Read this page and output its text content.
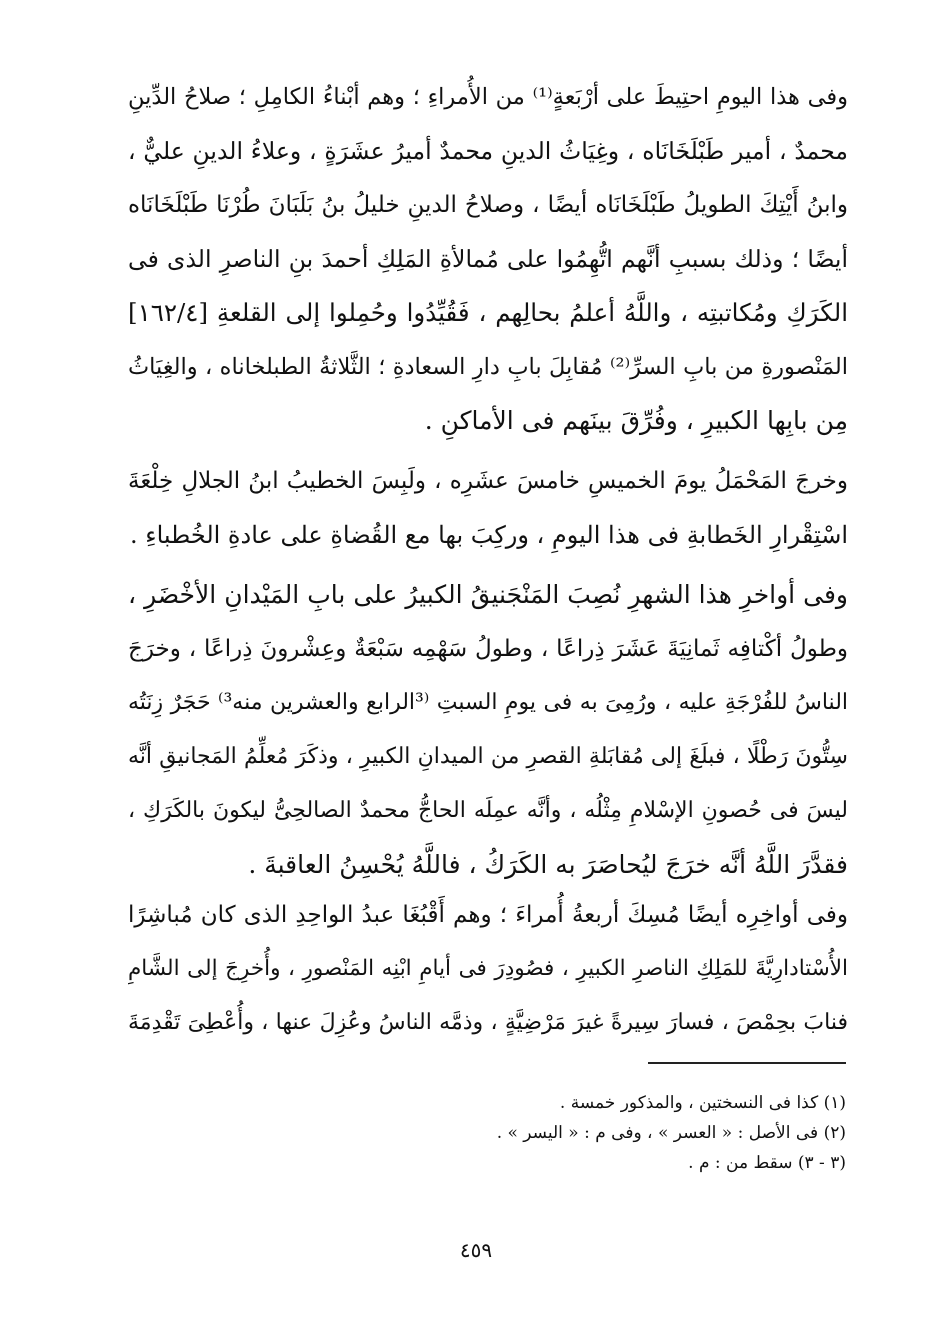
وفى هذا اليومِ احتِيطَ على أرْبَعةٍ⁽¹⁾ من الأُمراءِ ؛ وهم أبْناءُ الكامِلِ ؛ صلاحُ الدِّينِ
محمدٌ ، أمير طَبْلَخَانَاه ، وغِيَاثُ الدينِ محمدٌ أميرُ عشَرَةٍ ، وعلاءُ الدينِ عليٌّ ،
وابنُ أَيْتِكَ الطويلُ طَبْلَخَانَاه أيضًا ، وصلاحُ الدينِ خليلُ بنُ بَلَبَانَ طُرْنَا طَبْلَخَانَاه
أيضًا ؛ وذلك بسببِ أنَّهم اتُّهِمُوا على مُمالأةِ المَلِكِ أحمدَ بنِ الناصرِ الذى فى
الكَرَكِ ومُكاتبتِه ، واللَّهُ أعلمُ بحالِهم ، فَقُيِّدُوا وحُمِلوا إلى القلعةِ [١٦٢/٤]
المَنْصورةِ من بابِ السرِّ⁽²⁾ مُقابِلَ بابِ دارِ السعادةِ ؛ الثَّلاثةُ الطبلخاناه ، والغِيَاثُ
مِن بابِها الكبيرِ ، وفُرِّقَ بينَهم فى الأماكنِ .
وخرجَ المَحْمَلُ يومَ الخميسِ خامسَ عشَرِه ، ولَبِسَ الخطيبُ ابنُ الجلالِ خِلْعَةَ
اسْتِقْرارِ الخَطابةِ فى هذا اليومِ ، وركِبَ بها مع القُضاةِ على عادةِ الخُطباءِ .
وفى أواخرِ هذا الشهرِ نُصِبَ المَنْجَنيقُ الكبيرُ على بابِ المَيْدانِ الأخْضَرِ ،
وطولُ أكْتافِه ثَمانِيَةَ عَشَرَ ذِراعًا ، وطولُ سَهْمِه سَبْعَةٌ وعِشْرونَ ذِراعًا ، وخرَجَ
الناسُ للفُرْجَةِ عليه ، ورُمِىَ به فى يومِ السبتِ ⁽³الرابع والعشرين منه³⁾ حَجَرٌ زِنَتُه
سِتُّونَ رَطْلًا ، فبلَغَ إلى مُقابَلةِ القصرِ من الميدانِ الكبيرِ ، وذكَرَ مُعلِّمُ المَجانيقِ أنَّه
ليسَ فى حُصونِ الإسْلامِ مِثْلُه ، وأنَّه عمِلَه الحاجُّ محمدٌ الصالحِىُّ ليكونَ بالكَرَكِ ،
فقدَّرَ اللَّهُ أنَّه خرَجَ ليُحاصَرَ به الكَرَكُ ، فاللَّهُ يُحْسِنُ العاقبةَ .
وفى أواخِرِه أيضًا مُسِكَ أربعةُ أُمراءَ ؛ وهم أَقْبُغَا عبدُ الواحِدِ الذى كان مُباشِرًا
الأُسْتادارِيَّةَ للمَلِكِ الناصرِ الكبيرِ ، فصُودِرَ فى أيامِ ابْنِه المَنْصورِ ، وأُخرِجَ إلى الشَّامِ
فنابَ بحِمْصَ ، فسارَ سِيرةً غيرَ مَرْضِيَّةٍ ، وذمَّه الناسُ وعُزِلَ عنها ، وأُعْطِىَ تَقْدِمَةَ
(١) كذا فى النسختين ، والمذكور خمسة .
(٢) فى الأصل : « العسر » ، وفى م : « اليسر » .
(٣ - ٣) سقط من : م .
٤٥٩
